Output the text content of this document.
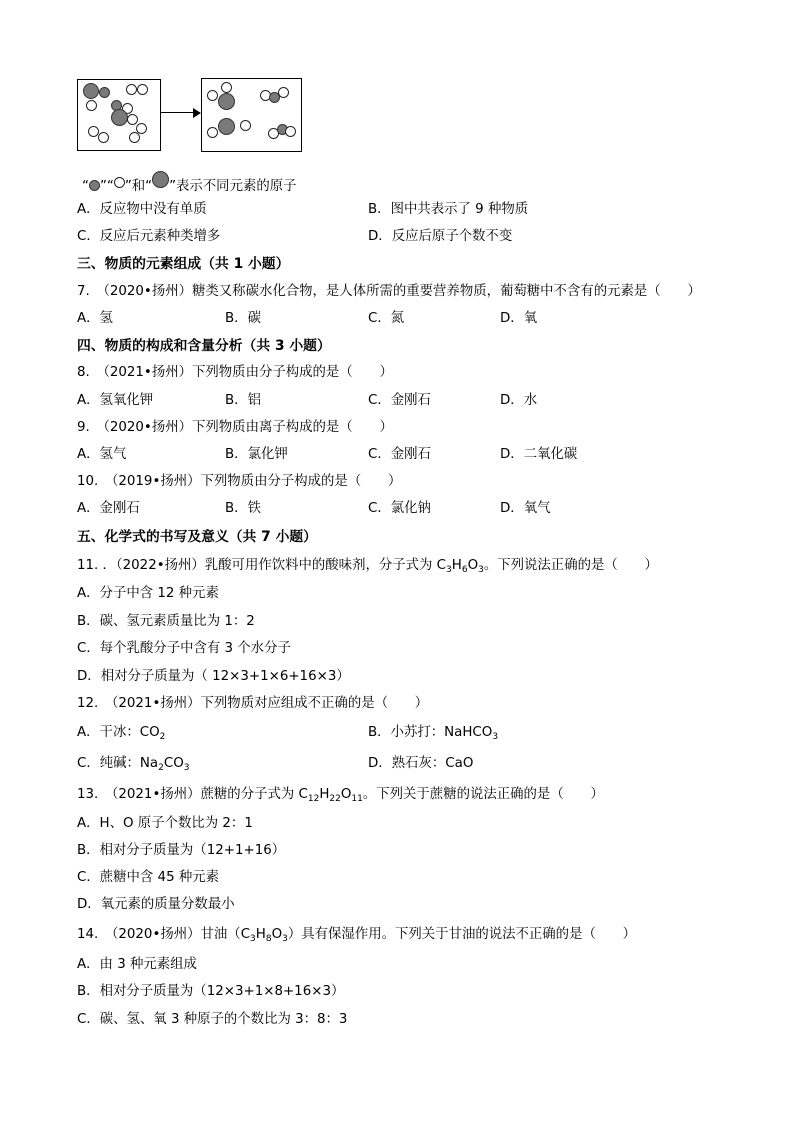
“ ”“ ”和“ ”表示不同元素的原子
A．反应物中没有单质	B．图中共表示了 9 种物质
C．反应后元素种类增多	D．反应后原子个数不变
三、物质的元素组成（共 1 小题）
7.　（2020•扬州）糖类又称碳水化合物，是人体所需的重要营养物质，葡萄糖中不含有的元素是（　　）
A．氢	B．碳	C．氮	D．氧
四、物质的构成和含量分析（共 3 小题）
8.　（2021•扬州）下列物质由分子构成的是（　　）
A．氢氧化钾	B．铝	C．金刚石	D．水
9.　（2020•扬州）下列物质由离子构成的是（　　）
A．氢气	B．氯化钾	C．金刚石	D．二氧化碳
10.　（2019•扬州）下列物质由分子构成的是（　　）
A．金刚石	B．铁	C．氯化钠	D．氧气
五、化学式的书写及意义（共 7 小题）
11. ．（2022•扬州）乳酸可用作饮料中的酸味剂，分子式为 $C_3H_6O_3$。下列说法正确的是（　　）
A．分子中含 12 种元素
B．碳、氢元素质量比为 1：2
C．每个乳酸分子中含有 3 个水分子
D．相对分子质量为（ 12×3+1×6+16×3）
12.　（2021•扬州）下列物质对应组成不正确的是（　　）
A．干冰：$CO_2$	B．小苏打：NaHCO$_3$
C．纯碱：$Na_2CO_3$	D．熟石灰：CaO
13.　（2021•扬州）蔗糖的分子式为 $C_{12}H_{22}O_{11}$。下列关于蔗糖的说法正确的是（　　）
A．H、O 原子个数比为 2：1
B．相对分子质量为（12+1+16）
C．蔗糖中含 45 种元素
D．氧元素的质量分数最小
14.　（2020•扬州）甘油$(C_3H_8O_3)$具有保湿作用。下列关于甘油的说法不正确的是（　　）
A．由 3 种元素组成
B．相对分子质量为（12×3+1×8+16×3）
C．碳、氢、氧 3 种原子的个数比为 3：8：3
